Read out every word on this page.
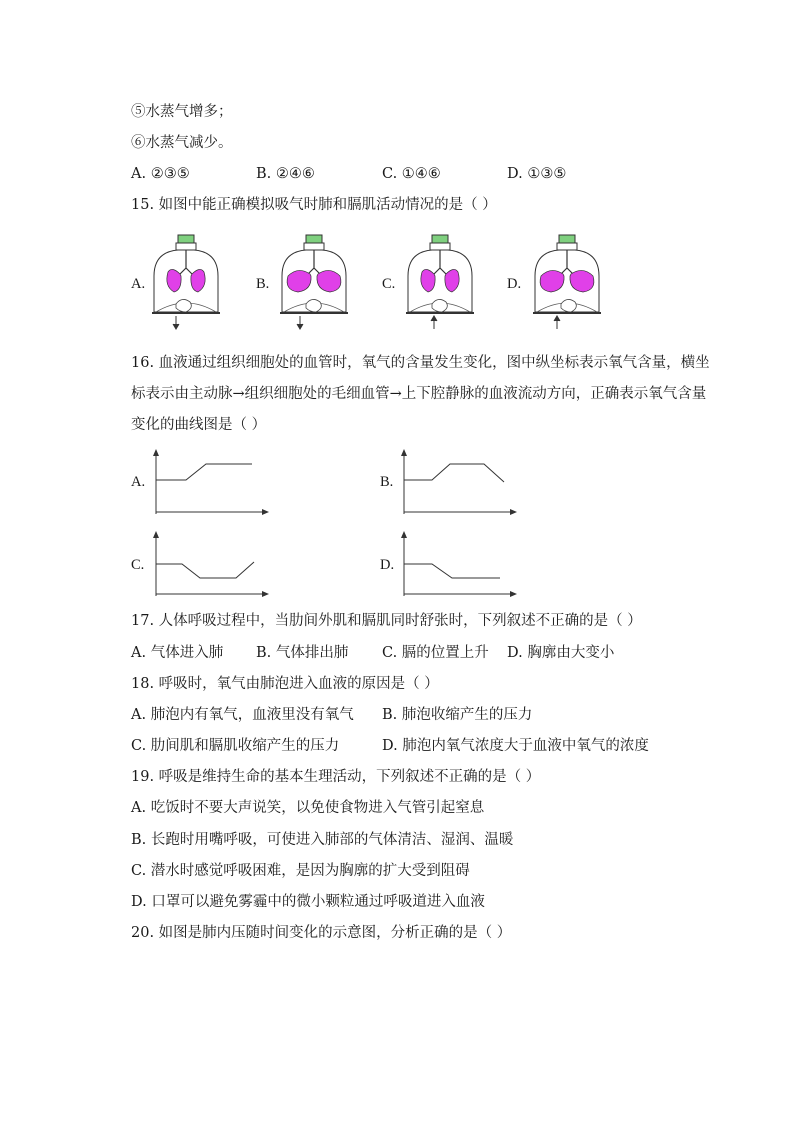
⑤水蒸气增多；
⑥水蒸气减少。
A. ②③⑤	B. ②④⑥	C. ①④⑥	D. ①③⑤
15. 如图中能正确模拟吸气时肺和膈肌活动情况的是（ ）
A.	B.	C.	D.
16. 血液通过组织细胞处的血管时，氧气的含量发生变化，图中纵坐标表示氧气含量，横坐
标表示由主动脉→组织细胞处的毛细血管→上下腔静脉的血液流动方向，正确表示氧气含量
变化的曲线图是（ ）
A.	B.
C.	D.
17. 人体呼吸过程中，当肋间外肌和膈肌同时舒张时，下列叙述不正确的是（ ）
A. 气体进入肺 B. 气体排出肺 C. 膈的位置上升 D. 胸廓由大变小
18. 呼吸时，氧气由肺泡进入血液的原因是（ ）
A. 肺泡内有氧气，血液里没有氧气 B. 肺泡收缩产生的压力
C. 肋间肌和膈肌收缩产生的压力	D. 肺泡内氧气浓度大于血液中氧气的浓度
19. 呼吸是维持生命的基本生理活动，下列叙述不正确的是（ ）
A. 吃饭时不要大声说笑，以免使食物进入气管引起窒息
B. 长跑时用嘴呼吸，可使进入肺部的气体清洁、湿润、温暖
C. 潜水时感觉呼吸困难，是因为胸廓的扩大受到阻碍
D. 口罩可以避免雾霾中的微小颗粒通过呼吸道进入血液
20. 如图是肺内压随时间变化的示意图，分析正确的是（ ）
